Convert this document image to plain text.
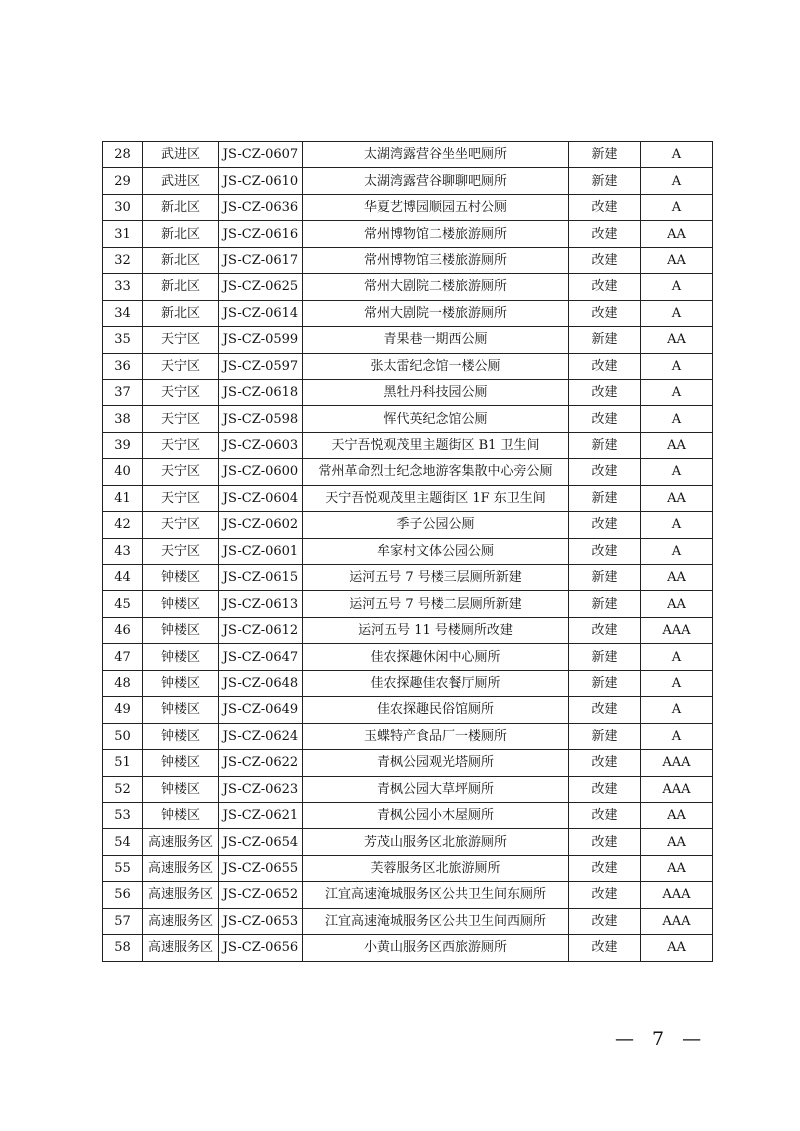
28	武进区	JS-CZ-0607	太湖湾露营谷坐坐吧厕所	新建	A
29	武进区	JS-CZ-0610	太湖湾露营谷聊聊吧厕所	新建	A
30	新北区	JS-CZ-0636	华夏艺博园顺园五村公厕	改建	A
31	新北区	JS-CZ-0616	常州博物馆二楼旅游厕所	改建	AA
32	新北区	JS-CZ-0617	常州博物馆三楼旅游厕所	改建	AA
33	新北区	JS-CZ-0625	常州大剧院二楼旅游厕所	改建	A
34	新北区	JS-CZ-0614	常州大剧院一楼旅游厕所	改建	A
35	天宁区	JS-CZ-0599	青果巷一期西公厕	新建	AA
36	天宁区	JS-CZ-0597	张太雷纪念馆一楼公厕	改建	A
37	天宁区	JS-CZ-0618	黑牡丹科技园公厕	改建	A
38	天宁区	JS-CZ-0598	恽代英纪念馆公厕	改建	A
39	天宁区	JS-CZ-0603	天宁吾悦观茂里主题街区 B1 卫生间	新建	AA
40	天宁区	JS-CZ-0600	常州革命烈士纪念地游客集散中心旁公厕	改建	A
41	天宁区	JS-CZ-0604	天宁吾悦观茂里主题街区 1F 东卫生间	新建	AA
42	天宁区	JS-CZ-0602	季子公园公厕	改建	A
43	天宁区	JS-CZ-0601	牟家村文体公园公厕	改建	A
44	钟楼区	JS-CZ-0615	运河五号 7 号楼三层厕所新建	新建	AA
45	钟楼区	JS-CZ-0613	运河五号 7 号楼二层厕所新建	新建	AA
46	钟楼区	JS-CZ-0612	运河五号 11 号楼厕所改建	改建	AAA
47	钟楼区	JS-CZ-0647	佳农探趣休闲中心厕所	新建	A
48	钟楼区	JS-CZ-0648	佳农探趣佳农餐厅厕所	新建	A
49	钟楼区	JS-CZ-0649	佳农探趣民俗馆厕所	改建	A
50	钟楼区	JS-CZ-0624	玉蝶特产食品厂一楼厕所	新建	A
51	钟楼区	JS-CZ-0622	青枫公园观光塔厕所	改建	AAA
52	钟楼区	JS-CZ-0623	青枫公园大草坪厕所	改建	AAA
53	钟楼区	JS-CZ-0621	青枫公园小木屋厕所	改建	AA
54	高速服务区	JS-CZ-0654	芳茂山服务区北旅游厕所	改建	AA
55	高速服务区	JS-CZ-0655	芙蓉服务区北旅游厕所	改建	AA
56	高速服务区	JS-CZ-0652	江宜高速淹城服务区公共卫生间东厕所	改建	AAA
57	高速服务区	JS-CZ-0653	江宜高速淹城服务区公共卫生间西厕所	改建	AAA
58	高速服务区	JS-CZ-0656	小黄山服务区西旅游厕所	改建	AA
— 7 —
